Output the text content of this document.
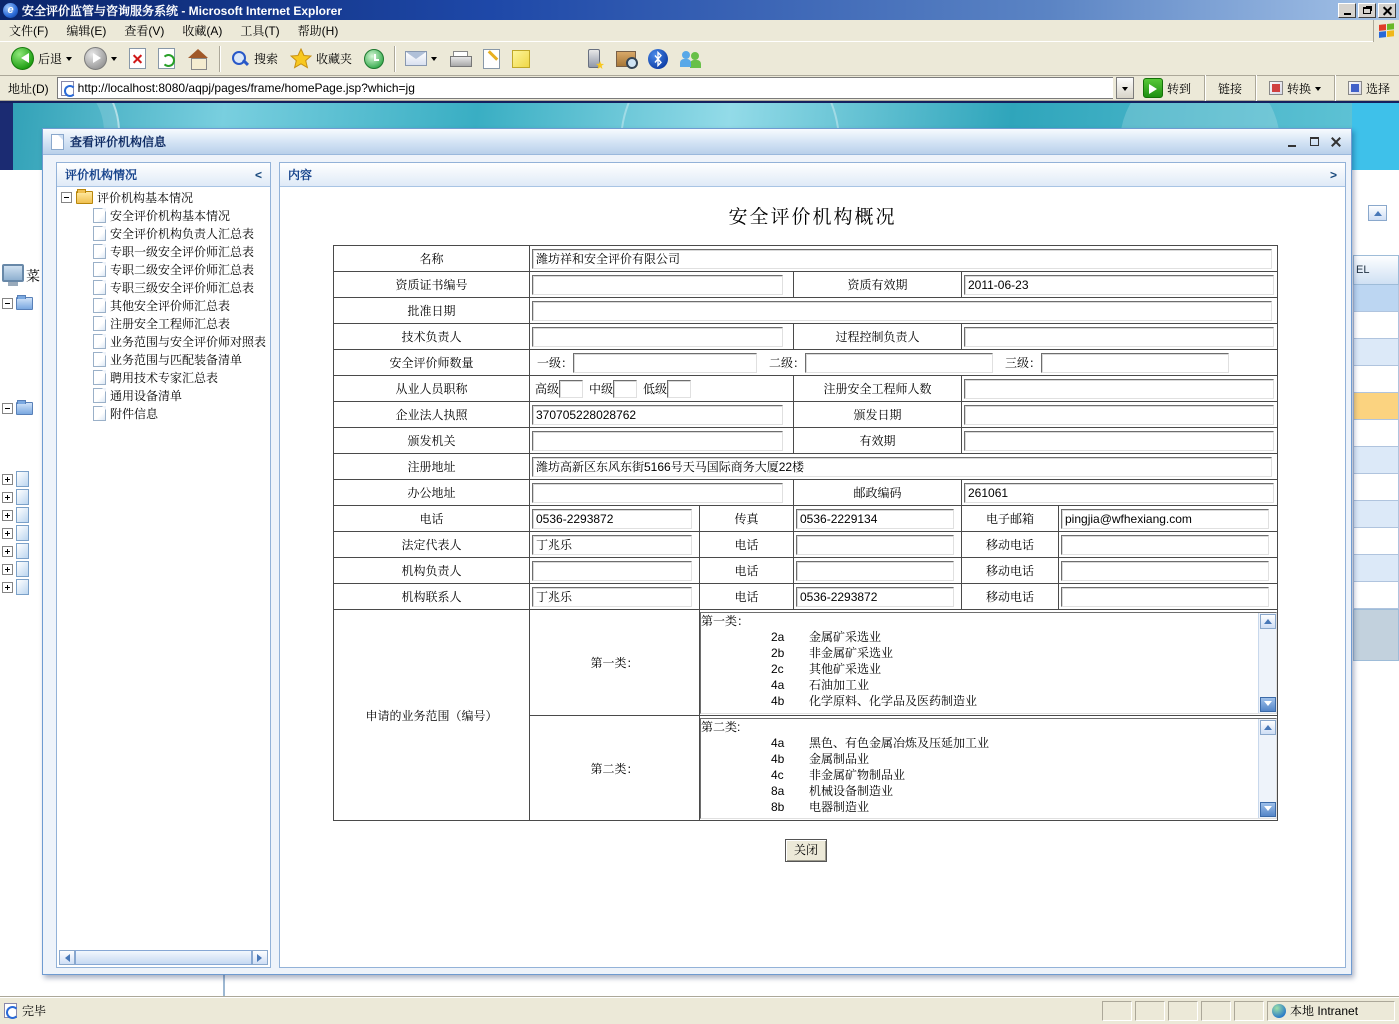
e 安全评价监管与咨询服务系统 - Microsoft Internet Explorer
文件(F)	编辑(E)	查看(V)	收藏(A)	工具(T)	帮助(H)
后退	搜索	收藏夹
地址(D)	http://localhost:8080/aqpj/pages/frame/homePage.jsp?which=jg	转到 链接	转换	选择
菜	EL
查看评价机构信息
评价机构情况	<
评价机构基本情况
安全评价机构基本情况
安全评价机构负责人汇总表
专职一级安全评价师汇总表
专职二级安全评价师汇总表
专职三级安全评价师汇总表
其他安全评价师汇总表
注册安全工程师汇总表
业务范围与安全评价师对照表
业务范围与匹配装备清单
聘用技术专家汇总表
通用设备清单
附件信息
内容	>
安全评价机构概况
名称	潍坊祥和安全评价有限公司
资质证书编号			资质有效期	2011-06-23
批准日期	
技术负责人			过程控制负责人	
安全评价师数量	一级： 二级： 三级：				

从业人员职称	高级 中级 低级		注册安全工程师人数	
企业法人执照	370705228028762		颁发日期	
颁发机关			有效期	
注册地址	潍坊高新区东风东街5166号天马国际商务大厦22楼
办公地址			邮政编码	261061
电话	0536-2293872	传真	0536-2229134	电子邮箱	pingjia@wfhexiang.com
法定代表人	丁兆乐	电话		移动电话	
机构负责人		电话		移动电话	
机构联系人	丁兆乐	电话	0536-2293872	移动电话	
申请的业务范围（编号）	第一类：	
第一类：
2a 金属矿采选业
2b 非金属矿采选业
2c 其他矿采选业
4a 石油加工业
4b 化学原料、化学品及医药制造业

第二类：	
第二类:
4a 黑色、有色金属冶炼及压延加工业
4b 金属制品业
4c 非金属矿物制品业
8a 机械设备制造业
8b 电器制造业
关闭
完毕	本地 Intranet
